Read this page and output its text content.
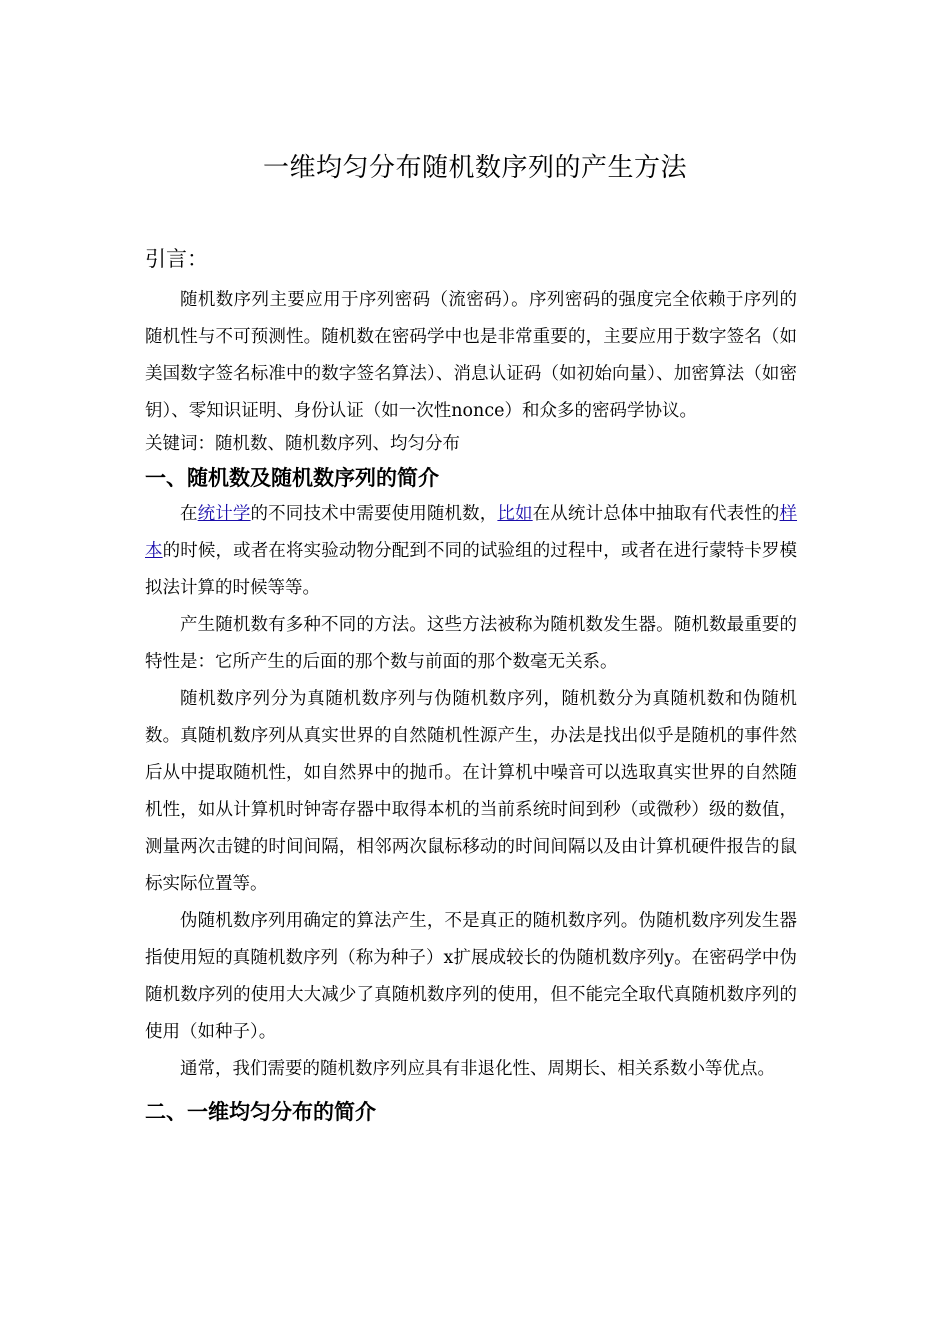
一维均匀分布随机数序列的产生方法
引言：

随机数序列主要应用于序列密码（流密码）。序列密码的强度完全依赖于序列的随机性与不可预测性。随机数在密码学中也是非常重要的，主要应用于数字签名（如美国数字签名标准中的数字签名算法）、消息认证码（如初始向量）、加密算法（如密钥）、零知识证明、身份认证（如一次性nonce）和众多的密码学协议。

关键词：随机数、随机数序列、均匀分布

一、随机数及随机数序列的简介

在统计学的不同技术中需要使用随机数，比如在从统计总体中抽取有代表性的样本的时候，或者在将实验动物分配到不同的试验组的过程中，或者在进行蒙特卡罗模拟法计算的时候等等。

产生随机数有多种不同的方法。这些方法被称为随机数发生器。随机数最重要的特性是：它所产生的后面的那个数与前面的那个数毫无关系。

随机数序列分为真随机数序列与伪随机数序列，随机数分为真随机数和伪随机数。真随机数序列从真实世界的自然随机性源产生，办法是找出似乎是随机的事件然后从中提取随机性，如自然界中的抛币。在计算机中噪音可以选取真实世界的自然随机性，如从计算机时钟寄存器中取得本机的当前系统时间到秒（或微秒）级的数值，测量两次击键的时间间隔，相邻两次鼠标移动的时间间隔以及由计算机硬件报告的鼠标实际位置等。

伪随机数序列用确定的算法产生，不是真正的随机数序列。伪随机数序列发生器指使用短的真随机数序列（称为种子）x扩展成较长的伪随机数序列y。在密码学中伪随机数序列的使用大大减少了真随机数序列的使用，但不能完全取代真随机数序列的使用（如种子）。

通常，我们需要的随机数序列应具有非退化性、周期长、相关系数小等优点。

二、一维均匀分布的简介
